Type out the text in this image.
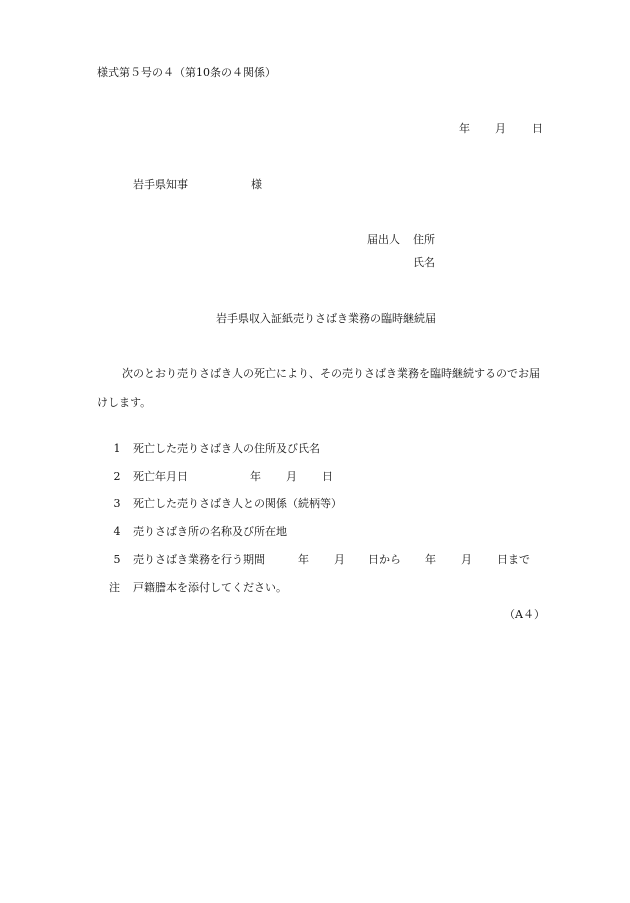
様式第５号の４（第10条の４関係）
年 月 日
岩手県知事	様
届出人 住所
氏名
岩手県収入証紙売りさばき業務の臨時継続届
次のとおり売りさばき人の死亡により、その売りさばき業務を臨時継続するのでお届
けします。
1 死亡した売りさばき人の住所及び氏名
2 死亡年月日	年 月 日
3 死亡した売りさばき人との関係（続柄等）
4 売りさばき所の名称及び所在地
5 売りさばき業務を行う期間	年 月 日から 年 月 日まで
注 戸籍謄本を添付してください。
（A４）
